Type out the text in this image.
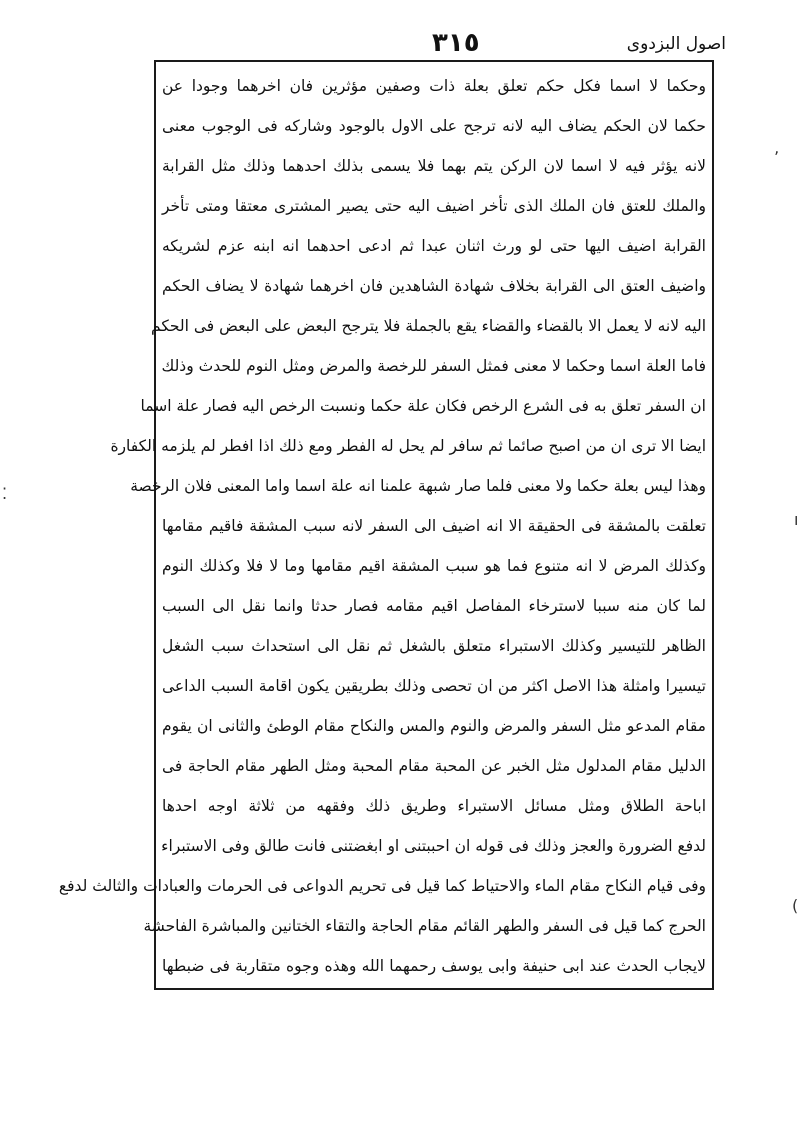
٣١٥	اصول البزدوى
ʼ
⁚
ı
(
وحكما لا اسما فكل حكم تعلق بعلة ذات وصفين مؤثرين فان اخرهما وجودا عن
حكما لان الحكم يضاف اليه لانه ترجح على الاول بالوجود وشاركه فى الوجوب معنى
لانه يؤثر فيه لا اسما لان الركن يتم بهما فلا يسمى بذلك احدهما وذلك مثل القرابة
والملك للعتق فان الملك الذى تأخر اضيف اليه حتى يصير المشترى معتقا ومتى تأخر
القرابة اضيف اليها حتى لو ورث اثنان عبدا ثم ادعى احدهما انه ابنه عزم لشريكه
واضيف العتق الى القرابة بخلاف شهادة الشاهدين فان اخرهما شهادة لا يضاف الحكم
اليه لانه لا يعمل الا بالقضاء والقضاء يقع بالجملة فلا يترجح البعض على البعض فى الحكم
فاما العلة اسما وحكما لا معنى فمثل السفر للرخصة والمرض ومثل النوم للحدث وذلك
ان السفر تعلق به فى الشرع الرخص فكان علة حكما ونسبت الرخص اليه فصار علة اسما
ايضا الا ترى ان من اصبح صائما ثم سافر لم يحل له الفطر ومع ذلك اذا افطر لم يلزمه الكفارة
وهذا ليس بعلة حكما ولا معنى فلما صار شبهة علمنا انه علة اسما واما المعنى فلان الرخصة
تعلقت بالمشقة فى الحقيقة الا انه اضيف الى السفر لانه سبب المشقة فاقيم مقامها
وكذلك المرض لا انه متنوع فما هو سبب المشقة اقيم مقامها وما لا فلا وكذلك النوم
لما كان منه سببا لاسترخاء المفاصل اقيم مقامه فصار حدثا وانما نقل الى السبب
الظاهر للتيسير وكذلك الاستبراء متعلق بالشغل ثم نقل الى استحداث سبب الشغل
تيسيرا وامثلة هذا الاصل اكثر من ان تحصى وذلك بطريقين يكون اقامة السبب الداعى
مقام المدعو مثل السفر والمرض والنوم والمس والنكاح مقام الوطئ والثانى ان يقوم
الدليل مقام المدلول مثل الخبر عن المحبة مقام المحبة ومثل الطهر مقام الحاجة فى
اباحة الطلاق ومثل مسائل الاستبراء وطريق ذلك وفقهه من ثلاثة اوجه احدها
لدفع الضرورة والعجز وذلك فى قوله ان احببتنى او ابغضتنى فانت طالق وفى الاستبراء
وفى قيام النكاح مقام الماء والاحتياط كما قيل فى تحريم الدواعى فى الحرمات والعبادات والثالث لدفع
الحرج كما قيل فى السفر والطهر القائم مقام الحاجة والتقاء الختانين والمباشرة الفاحشة
لايجاب الحدث عند ابى حنيفة وابى يوسف رحمهما الله وهذه وجوه متقاربة فى ضبطها
